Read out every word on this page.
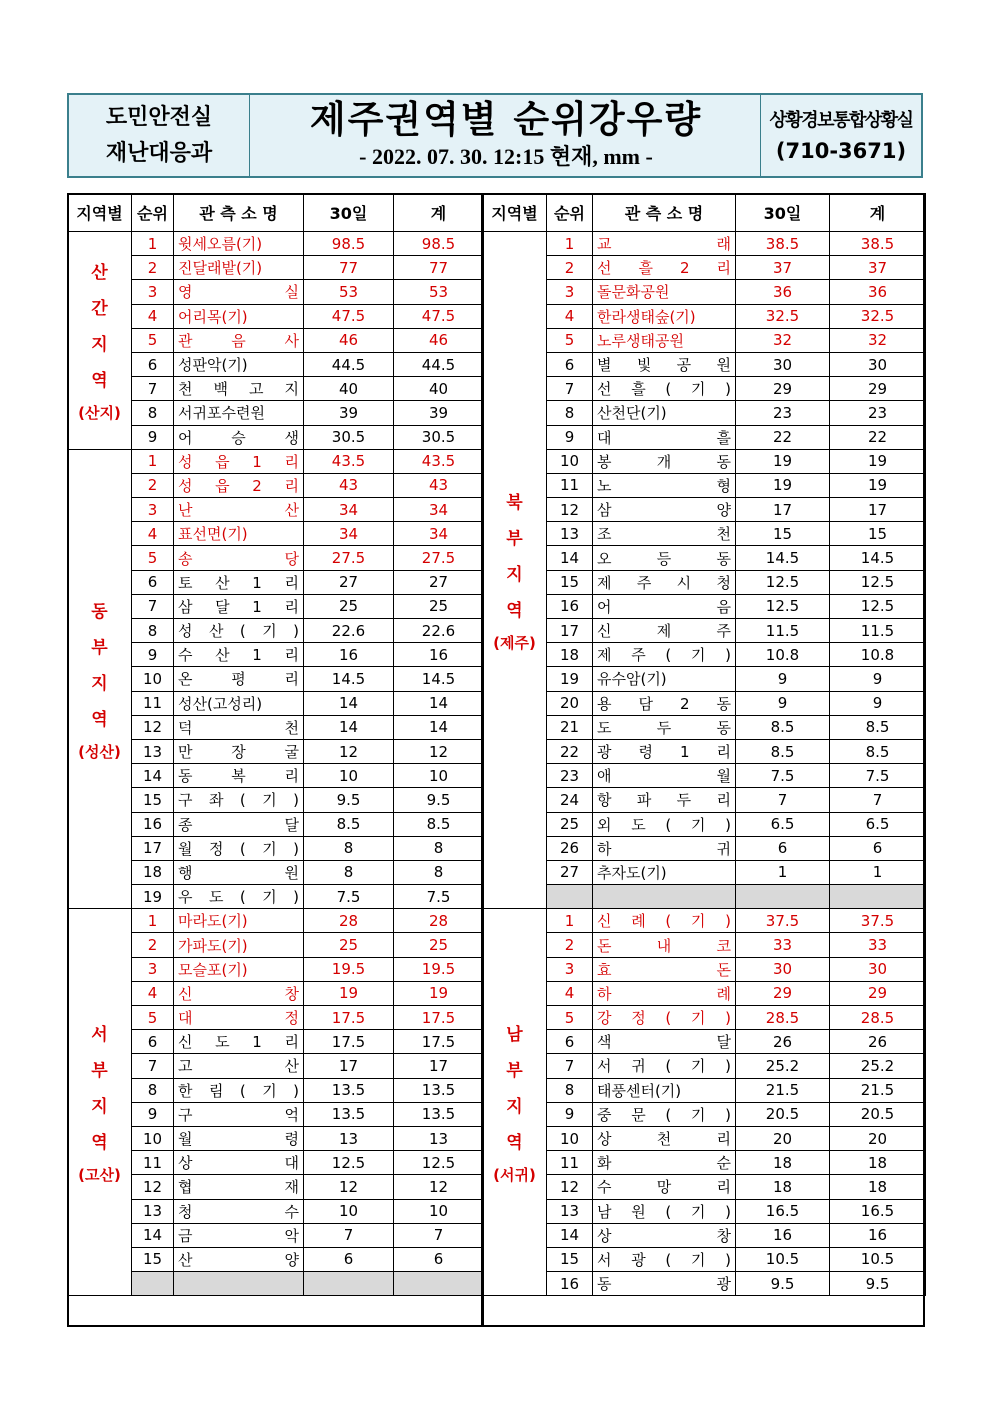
도민안전실
재난대응과
제주권역별 순위강우량
- 2022. 07. 30. 12:15 현재, mm -
상황경보통합상황실
(710-3671)
지역별	순위	관 측 소 명	30일	계

산
간
지
역
(산지)	1	윗세오름(기)	98.5	98.5
	2	진달래밭(기)	77	77
	3	영 실	53	53
	4	어리목(기)	47.5	47.5
	5	관 음 사	46	46
	6	성판악(기)	44.5	44.5
	7	천 백 고 지	40	40
	8	서귀포수련원	39	39
	9	어 승 생	30.5	30.5

동
부
지
역
(성산)	1	성 읍 1 리	43.5	43.5
	2	성 읍 2 리	43	43
	3	난 산	34	34
	4	표선면(기)	34	34
	5	송 당	27.5	27.5
	6	토 산 1 리	27	27
	7	삼 달 1 리	25	25
	8	성 산 ( 기 )	22.6	22.6
	9	수 산 1 리	16	16
	10	온 평 리	14.5	14.5
	11	성산(고성리)	14	14
	12	덕 천	14	14
	13	만 장 굴	12	12
	14	동 복 리	10	10
	15	구 좌 ( 기 )	9.5	9.5
	16	종 달	8.5	8.5
	17	월 정 ( 기 )	8	8
	18	행 원	8	8
	19	우 도 ( 기 )	7.5	7.5

서
부
지
역
(고산)	1	마라도(기)	28	28
	2	가파도(기)	25	25
	3	모슬포(기)	19.5	19.5
	4	신 창	19	19
	5	대 정	17.5	17.5
	6	신 도 1 리	17.5	17.5
	7	고 산	17	17
	8	한 림 ( 기 )	13.5	13.5
	9	구 억	13.5	13.5
	10	월 령	13	13
	11	상 대	12.5	12.5
	12	협 재	12	12
	13	청 수	10	10
	14	금 악	7	7
	15	산 양	6	6

지역별	순위	관 측 소 명	30일	계

북
부
지
역
(제주)	1	교 래	38.5	38.5
	2	선 흘 2 리	37	37
	3	돌문화공원	36	36
	4	한라생태숲(기)	32.5	32.5
	5	노루생태공원	32	32
	6	별 빛 공 원	30	30
	7	선 흘 ( 기 )	29	29
	8	산천단(기)	23	23
	9	대 흘	22	22
	10	봉 개 동	19	19
	11	노 형	19	19
	12	삼 양	17	17
	13	조 천	15	15
	14	오 등 동	14.5	14.5
	15	제 주 시 청	12.5	12.5
	16	어 음	12.5	12.5
	17	신 제 주	11.5	11.5
	18	제 주 ( 기 )	10.8	10.8
	19	유수암(기)	9	9
	20	용 담 2 동	9	9
	21	도 두 동	8.5	8.5
	22	광 령 1 리	8.5	8.5
	23	애 월	7.5	7.5
	24	항 파 두 리	7	7
	25	외 도 ( 기 )	6.5	6.5
	26	하 귀	6	6
	27	추자도(기)	1	1

남
부
지
역
(서귀)	1	신 례 ( 기 )	37.5	37.5
	2	돈 내 코	33	33
	3	효 돈	30	30
	4	하 례	29	29
	5	강 정 ( 기 )	28.5	28.5
	6	색 달	26	26
	7	서 귀 ( 기 )	25.2	25.2
	8	태풍센터(기)	21.5	21.5
	9	중 문 ( 기 )	20.5	20.5
	10	상 천 리	20	20
	11	화 순	18	18
	12	수 망 리	18	18
	13	남 원 ( 기 )	16.5	16.5
	14	상 창	16	16
	15	서 광 ( 기 )	10.5	10.5
	16	동 광	9.5	9.5
